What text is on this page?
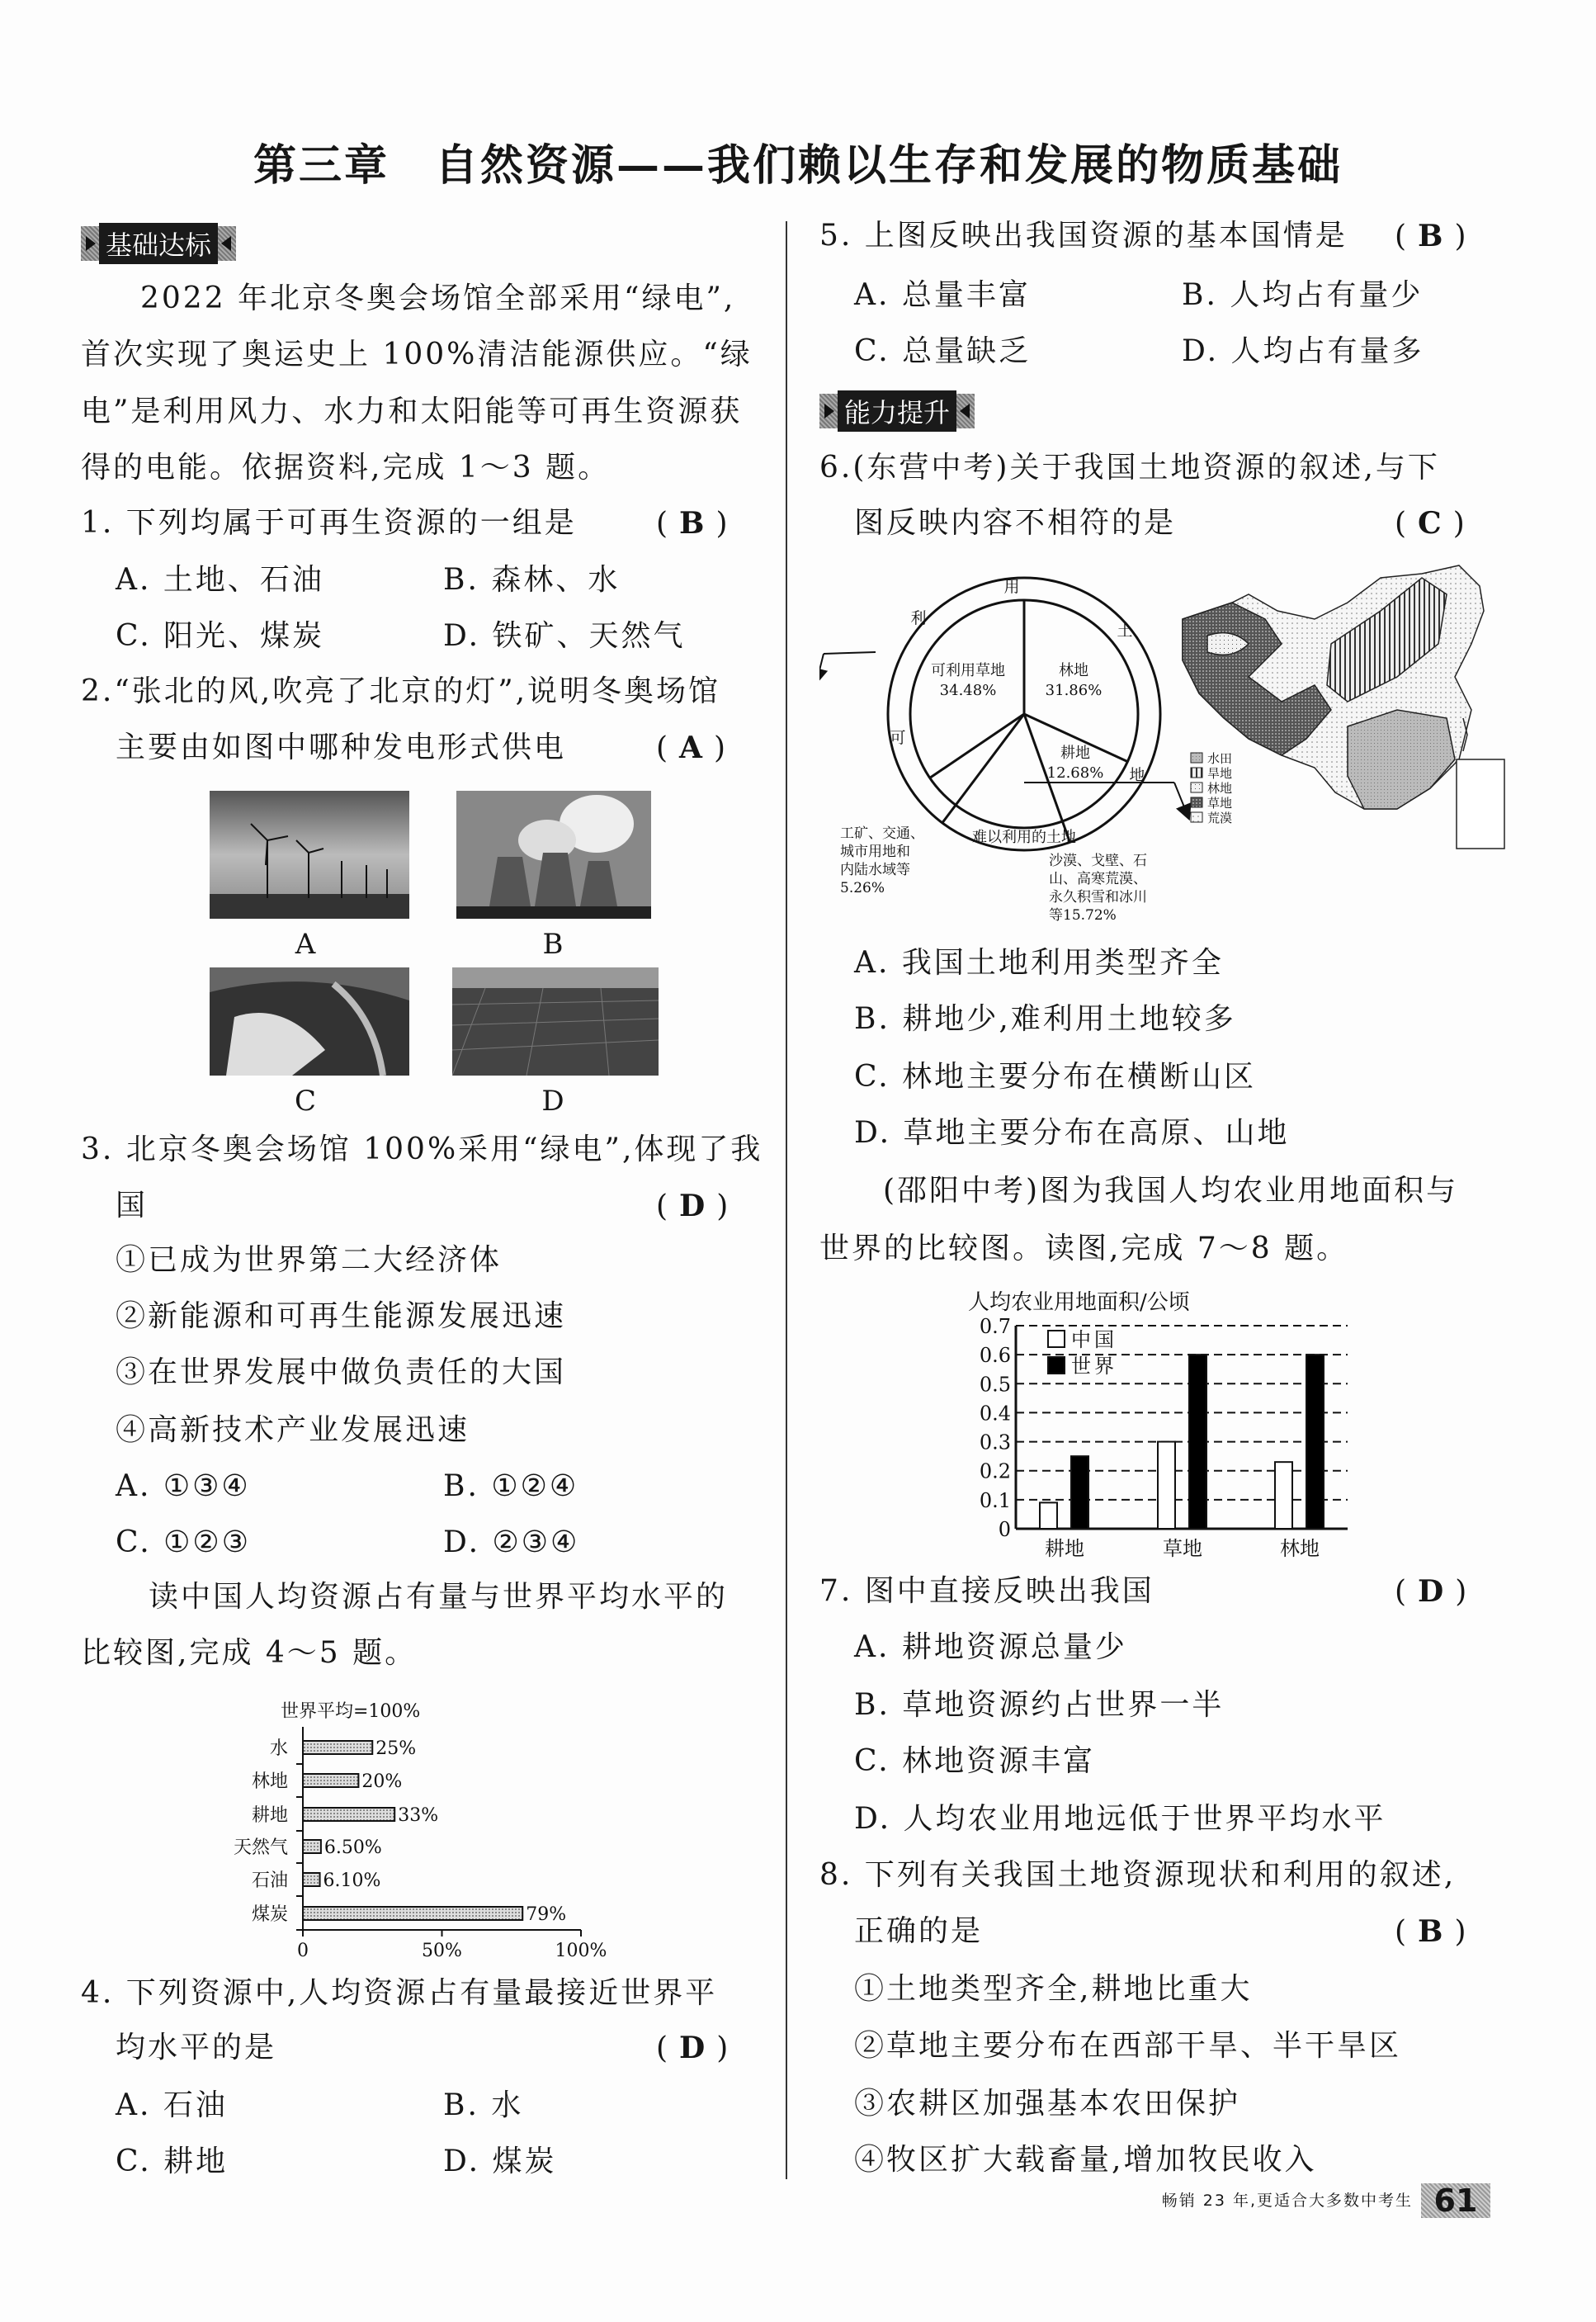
第三章　自然资源——我们赖以生存和发展的物质基础
基础达标
2022 年北京冬奥会场馆全部采用“绿电”,
首次实现了奥运史上 100%清洁能源供应。“绿
电”是利用风力、水力和太阳能等可再生资源获
得的电能。依据资料,完成 1～3 题。
1. 下列均属于可再生资源的一组是	(B)
A. 土地、石油	B. 森林、水
C. 阳光、煤炭	D. 铁矿、天然气
2.“张北的风,吹亮了北京的灯”,说明冬奥场馆
主要由如图中哪种发电形式供电	(A)
A	B
C	D
3. 北京冬奥会场馆 100%采用“绿电”,体现了我
国	(D)
①已成为世界第二大经济体
②新能源和可再生能源发展迅速
③在世界发展中做负责任的大国
④高新技术产业发展迅速
A. ①③④	B. ①②④
C. ①②③	D. ②③④
读中国人均资源占有量与世界平均水平的
比较图,完成 4～5 题。
世界平均=100%
水	25%
林地	20%
耕地	33%
天然气 6.50%
石油 6.10%
煤炭	79%
0	50%	100%
4. 下列资源中,人均资源占有量最接近世界平
均水平的是	(D)
A. 石油	B. 水
C. 耕地	D. 煤炭
5. 上图反映出我国资源的基本国情是 (B)
A. 总量丰富	B. 人均占有量少
C. 总量缺乏	D. 人均占有量多
能力提升
6.(东营中考)关于我国土地资源的叙述,与下
图反映内容不相符的是	(C)
用
土
地
利
可
难以利用的土地
可利用草地
34.48%
林地
31.86%
耕地
12.68%
工矿、交通、
城市用地和
内陆水域等
5.26%
沙漠、戈壁、石
山、高寒荒漠、
永久积雪和冰川
等15.72%
水田
旱地
林地
草地
荒漠
A. 我国土地利用类型齐全
B. 耕地少,难利用土地较多
C. 林地主要分布在横断山区
D. 草地主要分布在高原、山地
(邵阳中考)图为我国人均农业用地面积与
世界的比较图。读图,完成 7～8 题。
人均农业用地面积/公顷
0
0.1
0.2
0.3
0.4
0.5
0.6
0.7
耕地	草地	林地
中国
世界
7. 图中直接反映出我国	(D)
A. 耕地资源总量少
B. 草地资源约占世界一半
C. 林地资源丰富
D. 人均农业用地远低于世界平均水平
8. 下列有关我国土地资源现状和利用的叙述,
正确的是	(B)
①土地类型齐全,耕地比重大
②草地主要分布在西部干旱、半干旱区
③农耕区加强基本农田保护
④牧区扩大载畜量,增加牧民收入
畅销 23 年,更适合大多数中考生 61
